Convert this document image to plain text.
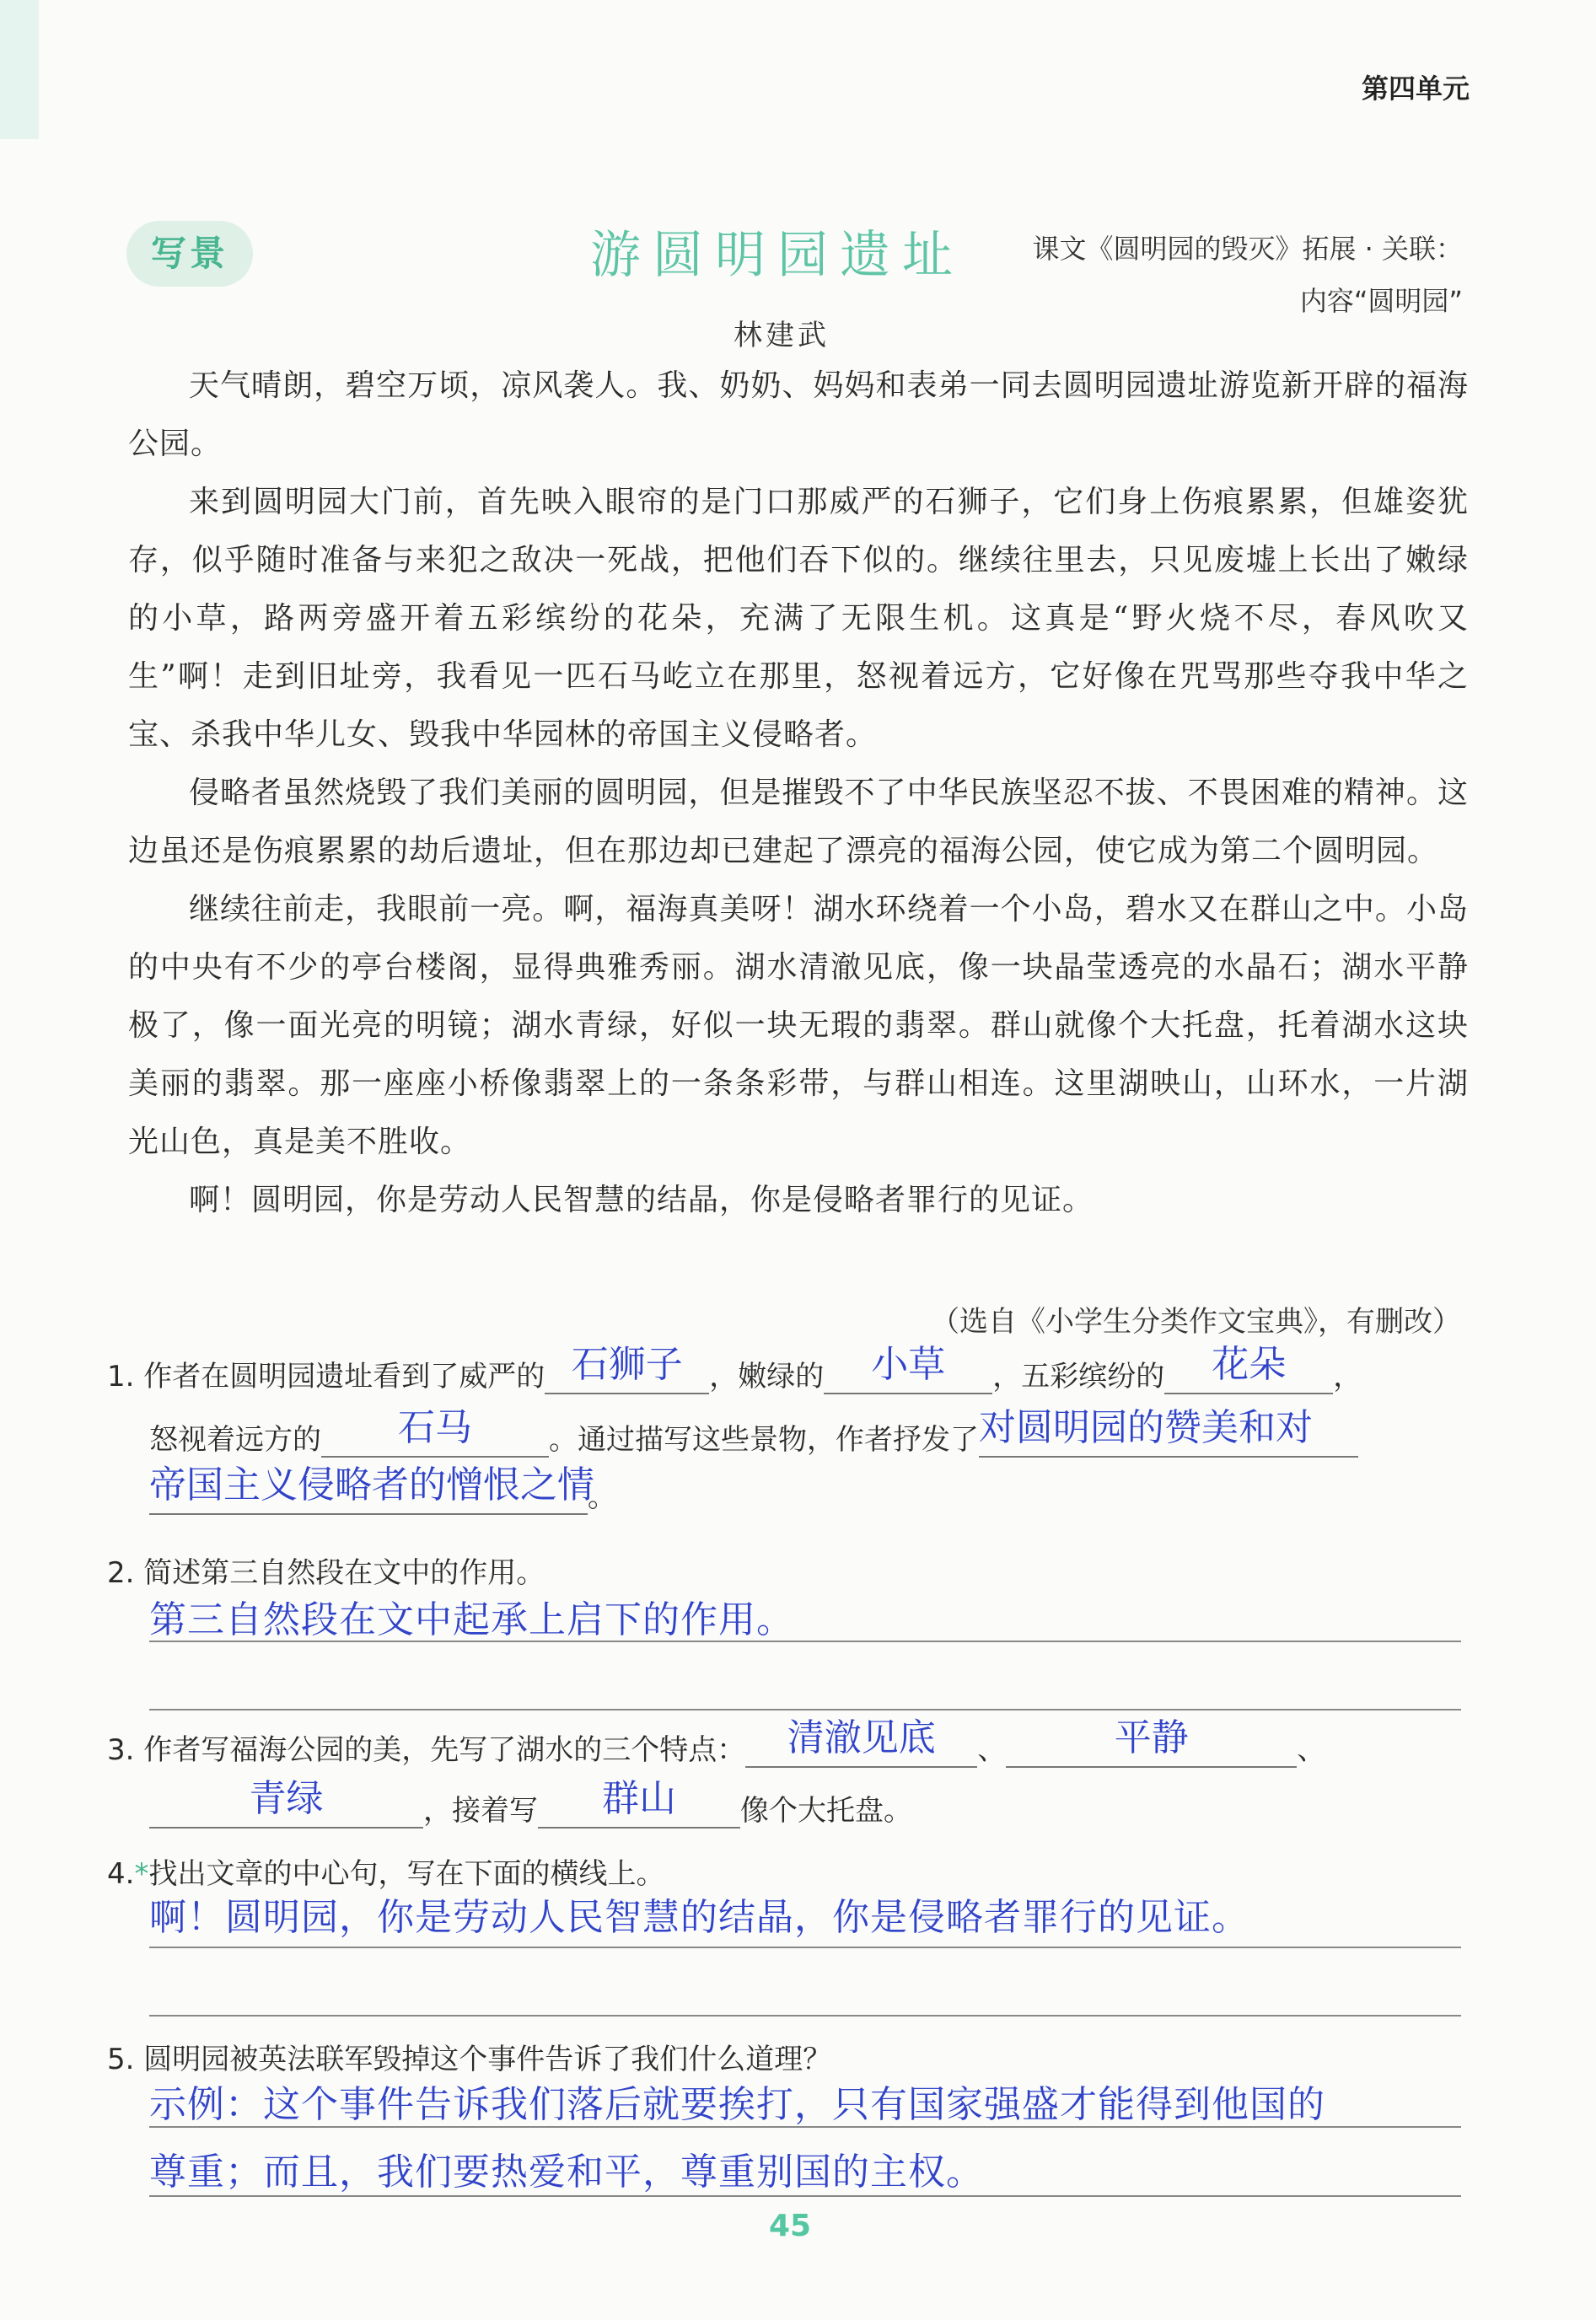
第四单元
写景	游圆明园遗址	课文《圆明园的毁灭》拓展 · 关联：
内容“圆明园”
林建武

天气晴朗，碧空万顷，凉风袭人。我、奶奶、妈妈和表弟一同去圆明园遗址游览新开辟的福海公园。

来到圆明园大门前，首先映入眼帘的是门口那威严的石狮子，它们身上伤痕累累，但雄姿犹存，似乎随时准备与来犯之敌决一死战，把他们吞下似的。继续往里去，只见废墟上长出了嫩绿的小草，路两旁盛开着五彩缤纷的花朵，充满了无限生机。这真是“野火烧不尽，春风吹又生”啊！走到旧址旁，我看见一匹石马屹立在那里，怒视着远方，它好像在咒骂那些夺我中华之宝、杀我中华儿女、毁我中华园林的帝国主义侵略者。

侵略者虽然烧毁了我们美丽的圆明园，但是摧毁不了中华民族坚忍不拔、不畏困难的精神。这边虽还是伤痕累累的劫后遗址，但在那边却已建起了漂亮的福海公园，使它成为第二个圆明园。

继续往前走，我眼前一亮。啊，福海真美呀！湖水环绕着一个小岛，碧水又在群山之中。小岛的中央有不少的亭台楼阁，显得典雅秀丽。湖水清澈见底，像一块晶莹透亮的水晶石；湖水平静极了，像一面光亮的明镜；湖水青绿，好似一块无瑕的翡翠。群山就像个大托盘，托着湖水这块美丽的翡翠。那一座座小桥像翡翠上的一条条彩带，与群山相连。这里湖映山，山环水，一片湖光山色，真是美不胜收。

啊！圆明园，你是劳动人民智慧的结晶，你是侵略者罪行的见证。

（选自《小学生分类作文宝典》，有删改）
1. 作者在圆明园遗址看到了威严的 石狮子 ，嫩绿的	小草	，五彩缤纷的	花朵	，
怒视着远方的	石马	。通过描写这些景物，作者抒发了 对圆明园的赞美和对
帝国主义侵略者的憎恨之情
。
2. 简述第三自然段在文中的作用。
第三自然段在文中起承上启下的作用。
3. 作者写福海公园的美，先写了湖水的三个特点：	清澈见底	、	平静	、
青绿	，接着写	群山	像个大托盘。
4.*找出文章的中心句，写在下面的横线上。
啊！圆明园，你是劳动人民智慧的结晶，你是侵略者罪行的见证。
5. 圆明园被英法联军毁掉这个事件告诉了我们什么道理？
示例：这个事件告诉我们落后就要挨打，只有国家强盛才能得到他国的
尊重；而且，我们要热爱和平，尊重别国的主权。
45
